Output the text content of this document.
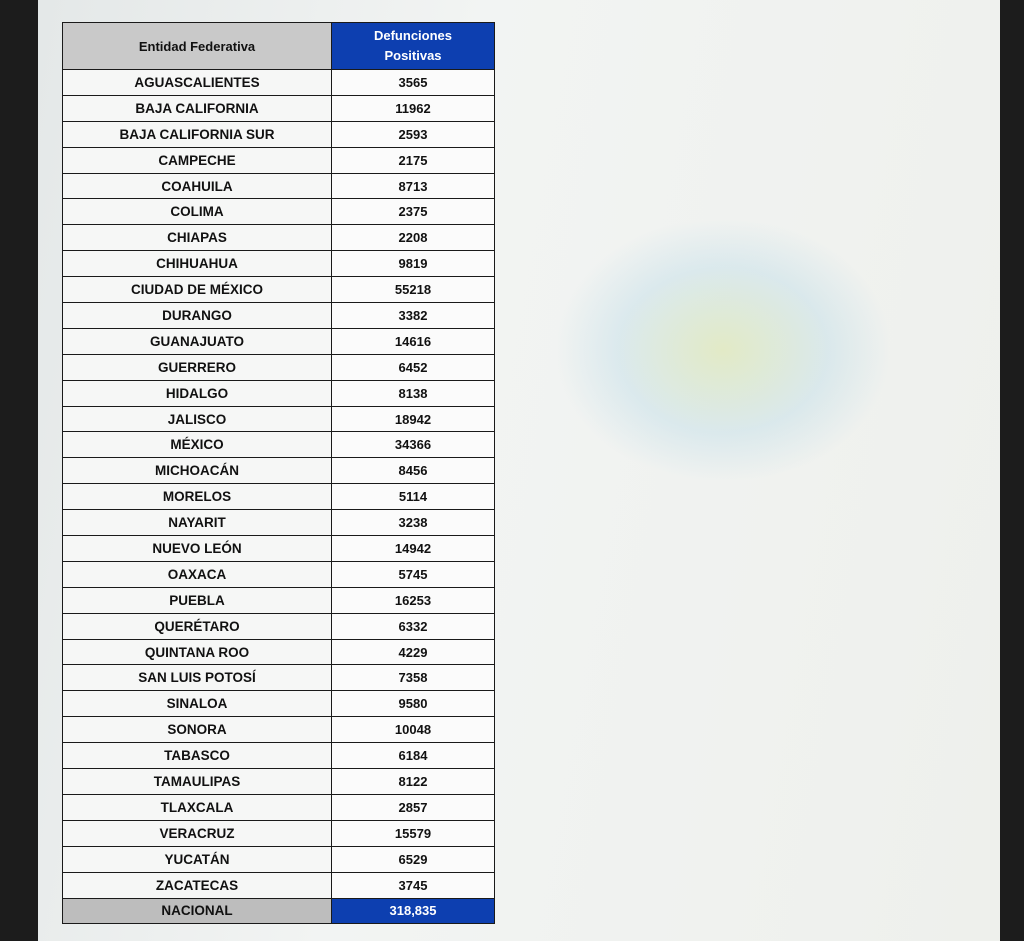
Entidad Federativa	Defunciones
Positivas

AGUASCALIENTES	3565
BAJA CALIFORNIA	11962
BAJA CALIFORNIA SUR	2593
CAMPECHE	2175
COAHUILA	8713
COLIMA	2375
CHIAPAS	2208
CHIHUAHUA	9819
CIUDAD DE MÉXICO	55218
DURANGO	3382
GUANAJUATO	14616
GUERRERO	6452
HIDALGO	8138
JALISCO	18942
MÉXICO	34366
MICHOACÁN	8456
MORELOS	5114
NAYARIT	3238
NUEVO LEÓN	14942
OAXACA	5745
PUEBLA	16253
QUERÉTARO	6332
QUINTANA ROO	4229
SAN LUIS POTOSÍ	7358
SINALOA	9580
SONORA	10048
TABASCO	6184
TAMAULIPAS	8122
TLAXCALA	2857
VERACRUZ	15579
YUCATÁN	6529
ZACATECAS	3745
NACIONAL	318,835
